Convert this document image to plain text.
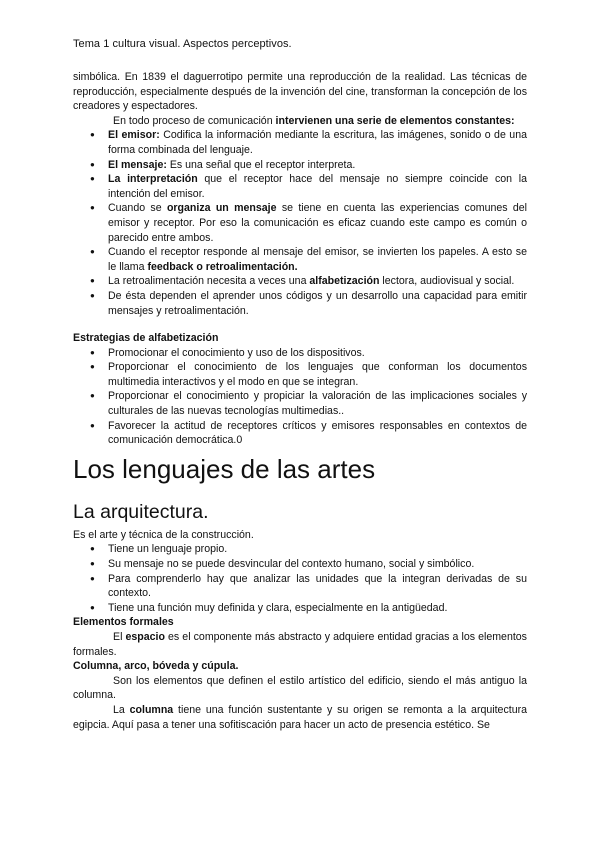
Tema 1 cultura visual. Aspectos perceptivos.

simbólica. En 1839 el daguerrotipo permite una reproducción de la realidad. Las técnicas de reproducción, especialmente después de la invención del cine, transforman la concepción de los creadores y espectadores.

En todo proceso de comunicación intervienen una serie de elementos constantes:

● El emisor: Codifica la información mediante la escritura, las imágenes, sonido o de una forma combinada del lenguaje.
● El mensaje: Es una señal que el receptor interpreta.
● La interpretación que el receptor hace del mensaje no siempre coincide con la intención del emisor.
● Cuando se organiza un mensaje se tiene en cuenta las experiencias comunes del emisor y receptor. Por eso la comunicación es eficaz cuando este campo es común o parecido entre ambos.
● Cuando el receptor responde al mensaje del emisor, se invierten los papeles. A esto se le llama feedback o retroalimentación.
● La retroalimentación necesita a veces una alfabetización lectora, audiovisual y social.
● De ésta dependen el aprender unos códigos y un desarrollo una capacidad para emitir mensajes y retroalimentación.

Estrategias de alfabetización

● Promocionar el conocimiento y uso de los dispositivos.
● Proporcionar el conocimiento de los lenguajes que conforman los documentos multimedia interactivos y el modo en que se integran.
● Proporcionar el conocimiento y propiciar la valoración de las implicaciones sociales y culturales de las nuevas tecnologías multimedias..
● Favorecer la actitud de receptores críticos y emisores responsables en contextos de comunicación democrática.0
Los lenguajes de las artes
La arquitectura.

Es el arte y técnica de la construcción.

● Tiene un lenguaje propio.
● Su mensaje no se puede desvincular del contexto humano, social y simbólico.
● Para comprenderlo hay que analizar las unidades que la integran derivadas de su contexto.
● Tiene una función muy definida y clara, especialmente en la antigüedad.

Elementos formales

El espacio es el componente más abstracto y adquiere entidad gracias a los elementos formales.

Columna, arco, bóveda y cúpula.

Son los elementos que definen el estilo artístico del edificio, siendo el más antiguo la columna.

La columna tiene una función sustentante y su origen se remonta a la arquitectura egipcia. Aquí pasa a tener una sofitiscación para hacer un acto de presencia estético. Se
